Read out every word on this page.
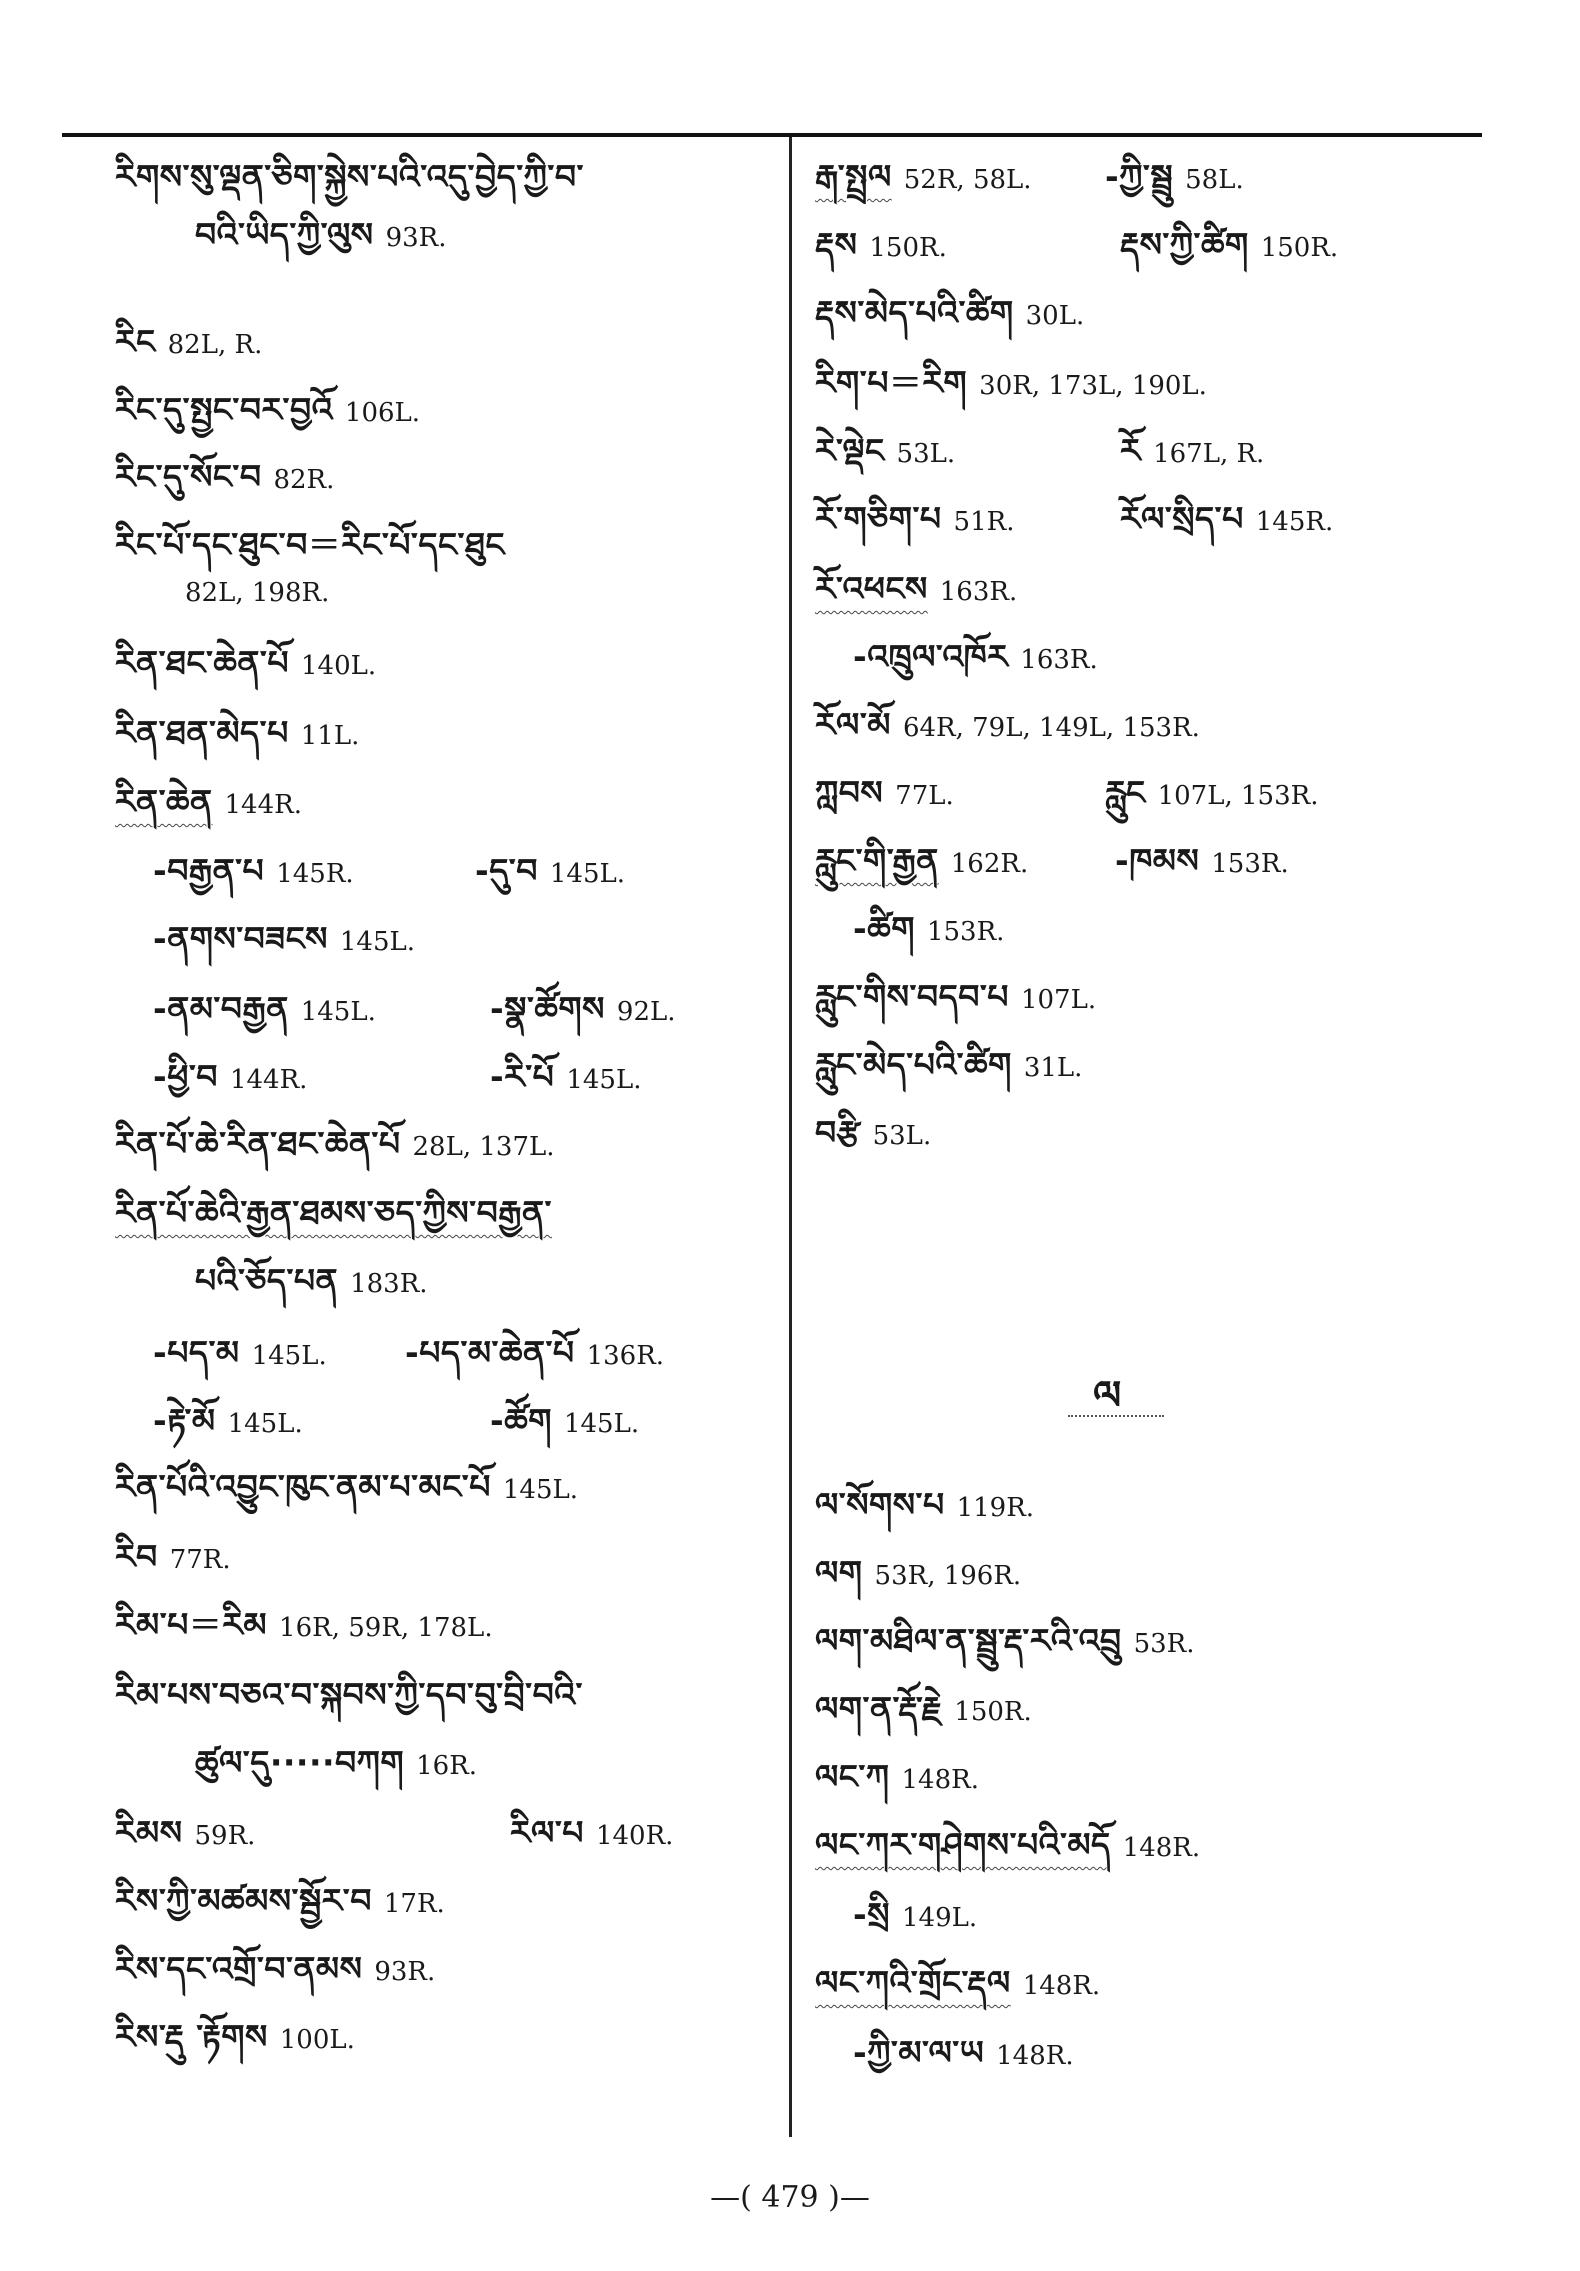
རིགས་སུ་ལྡན་ཅིག་སྐྱེས་པའི་འདུ་བྱེད་ཀྱི་བ་
བའི་ཡིད་ཀྱི་ལུས 93R.
རིང 82L, R.
རིང་དུ་སྤྱང་བར་བྱའོ 106L.
རིང་དུ་སོང་བ 82R.
རིང་པོ་དང་ཐུང་བ＝རིང་པོ་དང་ཐུང
82L, 198R.
རིན་ཐང་ཆེན་པོ 140L.
རིན་ཐན་མེད་པ 11L.
རིན་ཆེན 144R.
-བརྒྱན་པ 145R.
-ནགས་བཟངས 145L.
-ནམ་བརྒྱན 145L.
-ཕྱི་བ 144R.
རིན་པོ་ཆེ་རིན་ཐང་ཆེན་པོ 28L, 137L.
རིན་པོ་ཆེའི་རྒྱན་ཐམས་ཅད་ཀྱིས་བརྒྱན་
པའི་ཅོད་པན 183R.
-པད་མ 145L.
-རྟེ་མོ 145L.
རིན་པོའི་འབྱུང་ཁུང་ནམ་པ་མང་པོ 145L.
རིབ 77R.
རིམ་པ＝རིམ 16R, 59R, 178L.
རིམ་པས་བཅའ་བ་སྐབས་ཀྱི་དབ་བུ་བྲི་བའི་
ཚུལ་དུ·····བཀག 16R.
རིམས 59R.
རིས་ཀྱི་མཚམས་སྦྱོར་བ 17R.
རིས་དང་འགྲོ་བ་ནམས 93R.
རིས་རྡུ ་རྟོགས 100L.
-དུ་བ 145L.
-སྣ་ཚོགས 92L.
-རི་པོ 145L.
-པད་མ་ཆེན་པོ 136R.
-ཚོག 145L.
རིལ་པ 140R.
ལ
རྒ་སྤྲལ 52R, 58L.
རྡས 150R.
རྡས་མེད་པའི་ཚིག 30L.
རིག་པ＝རིག 30R, 173L, 190L.
རེ་ལྡེང 53L.
རོ་གཅིག་པ 51R.
རོ་འཕངས 163R.
-འཁྲུལ་འཁོར 163R.
རོལ་མོ 64R, 79L, 149L, 153R.
ཀླབས 77L.
རླུང་གི་རྒྱན 162R.
-ཚིག 153R.
རླུང་གིས་བདབ་པ 107L.
རླུང་མེད་པའི་ཚིག 31L.
བརྩི 53L.
ལ་སོགས་པ 119R.
ལག 53R, 196R.
ལག་མཐིལ་ན་སྦྲུ་རྡ་རའི་འབྲུ 53R.
ལག་ན་རྡོ་རྗེ 150R.
ལང་ཀ 148R.
ལང་ཀར་གཤེགས་པའི་མདོ 148R.
-སྲི 149L.
ལང་ཀའི་གྲོང་རྡལ 148R.
-ཀྱི་མ་ལ་ཡ 148R.
-ཀྱི་སྦྲུ 58L.
རྡས་ཀྱི་ཚིག 150R.
རོ 167L, R.
རོལ་སྲིད་པ 145R.
རླུང 107L, 153R.
-ཁམས 153R.
—( 479 )—
